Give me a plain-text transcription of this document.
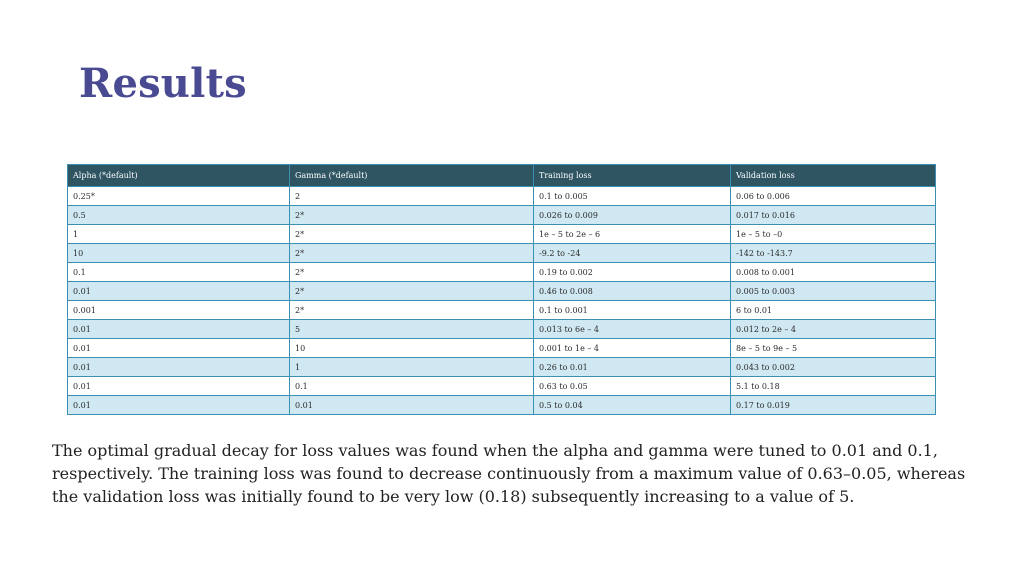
Results
Alpha (*default)	Gamma (*default)	Training loss	Validation loss
0.25*	2	0.1 to 0.005	0.06 to 0.006
0.5	2*	0.026 to 0.009	0.017 to 0.016
1	2*	1e – 5 to 2e – 6	1e – 5 to –0
10	2*	-9.2 to -24	-142 to -143.7
0.1	2*	0.19 to 0.002	0.008 to 0.001
0.01	2*	0.46 to 0.008	0.005 to 0.003
0.001	2*	0.1 to 0.001	6 to 0.01
0.01	5	0.013 to 6e – 4	0.012 to 2e – 4
0.01	10	0.001 to 1e – 4	8e – 5 to 9e – 5
0.01	1	0.26 to 0.01	0.043 to 0.002
0.01	0.1	0.63 to 0.05	5.1 to 0.18
0.01	0.01	0.5 to 0.04	0.17 to 0.019

The optimal gradual decay for loss values was found when the alpha and gamma were tuned to 0.01 and 0.1, respectively. The training loss was found to decrease continuously from a maximum value of 0.63–0.05, whereas the validation loss was initially found to be very low (0.18) subsequently increasing to a value of 5.
